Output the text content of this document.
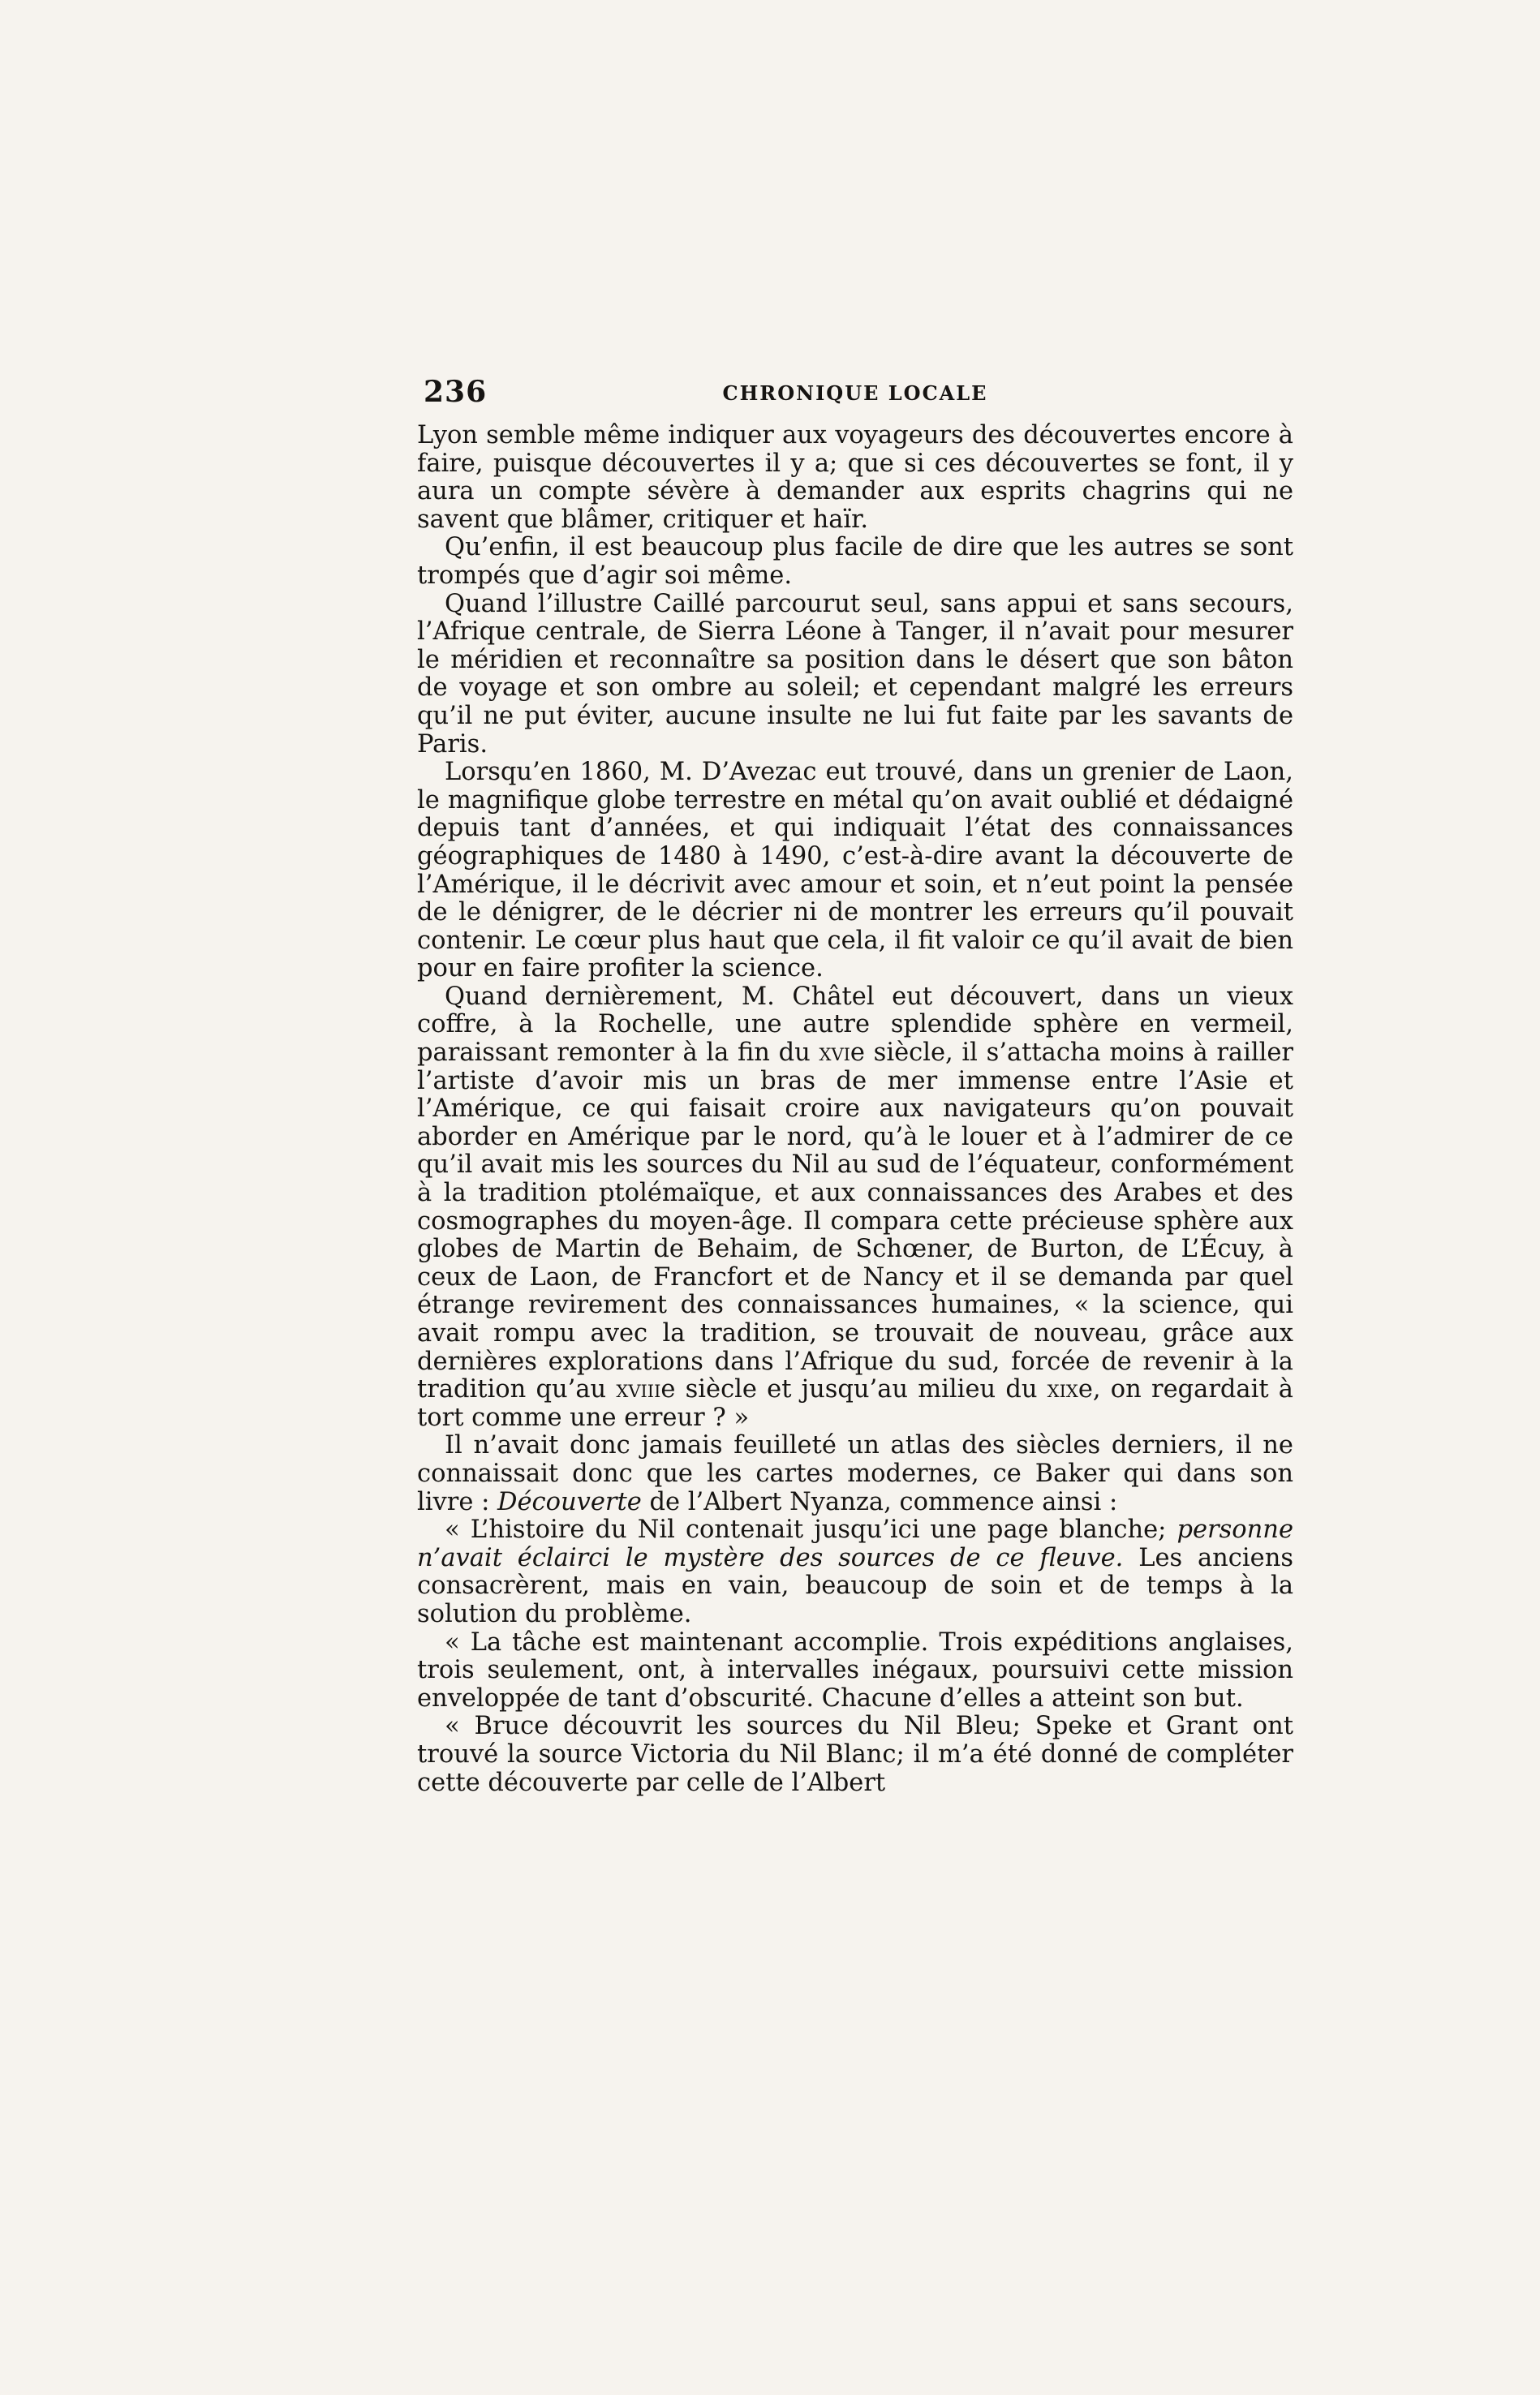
236	CHRONIQUE LOCALE

Lyon semble même indiquer aux voyageurs des découvertes encore à faire, puisque découvertes il y a; que si ces découvertes se font, il y aura un compte sévère à demander aux esprits chagrins qui ne savent que blâmer, critiquer et haïr.

Qu’enfin, il est beaucoup plus facile de dire que les autres se sont trompés que d’agir soi même.

Quand l’illustre Caillé parcourut seul, sans appui et sans secours, l’Afrique centrale, de Sierra Léone à Tanger, il n’avait pour mesurer le méridien et reconnaître sa position dans le désert que son bâton de voyage et son ombre au soleil; et cependant malgré les erreurs qu’il ne put éviter, aucune insulte ne lui fut faite par les savants de Paris.

Lorsqu’en 1860, M. D’Avezac eut trouvé, dans un grenier de Laon, le magnifique globe terrestre en métal qu’on avait oublié et dédaigné depuis tant d’années, et qui indiquait l’état des connaissances géographiques de 1480 à 1490, c’est-à-dire avant la découverte de l’Amérique, il le décrivit avec amour et soin, et n’eut point la pensée de le dénigrer, de le décrier ni de montrer les erreurs qu’il pouvait contenir. Le cœur plus haut que cela, il fit valoir ce qu’il avait de bien pour en faire profiter la science.

Quand dernièrement, M. Châtel eut découvert, dans un vieux coffre, à la Rochelle, une autre splendide sphère en vermeil, paraissant remonter à la fin du xvie siècle, il s’attacha moins à railler l’artiste d’avoir mis un bras de mer immense entre l’Asie et l’Amérique, ce qui faisait croire aux navigateurs qu’on pouvait aborder en Amérique par le nord, qu’à le louer et à l’admirer de ce qu’il avait mis les sources du Nil au sud de l’équateur, conformément à la tradition ptolémaïque, et aux connaissances des Arabes et des cosmographes du moyen-âge. Il compara cette précieuse sphère aux globes de Martin de Behaim, de Schœner, de Burton, de L’Écuy, à ceux de Laon, de Francfort et de Nancy et il se demanda par quel étrange revirement des connaissances humaines, « la science, qui avait rompu avec la tradition, se trouvait de nouveau, grâce aux dernières explorations dans l’Afrique du sud, forcée de revenir à la tradition qu’au xviiie siècle et jusqu’au milieu du xixe, on regardait à tort comme une erreur ? »

Il n’avait donc jamais feuilleté un atlas des siècles derniers, il ne connaissait donc que les cartes modernes, ce Baker qui dans son livre : Découverte de l’Albert Nyanza, commence ainsi :

« L’histoire du Nil contenait jusqu’ici une page blanche; personne n’avait éclairci le mystère des sources de ce fleuve. Les anciens consacrèrent, mais en vain, beaucoup de soin et de temps à la solution du problème.

« La tâche est maintenant accomplie. Trois expéditions anglaises, trois seulement, ont, à intervalles inégaux, poursuivi cette mission enveloppée de tant d’obscurité. Chacune d’elles a atteint son but.

« Bruce découvrit les sources du Nil Bleu; Speke et Grant ont trouvé la source Victoria du Nil Blanc; il m’a été donné de compléter cette découverte par celle de l’Albert
